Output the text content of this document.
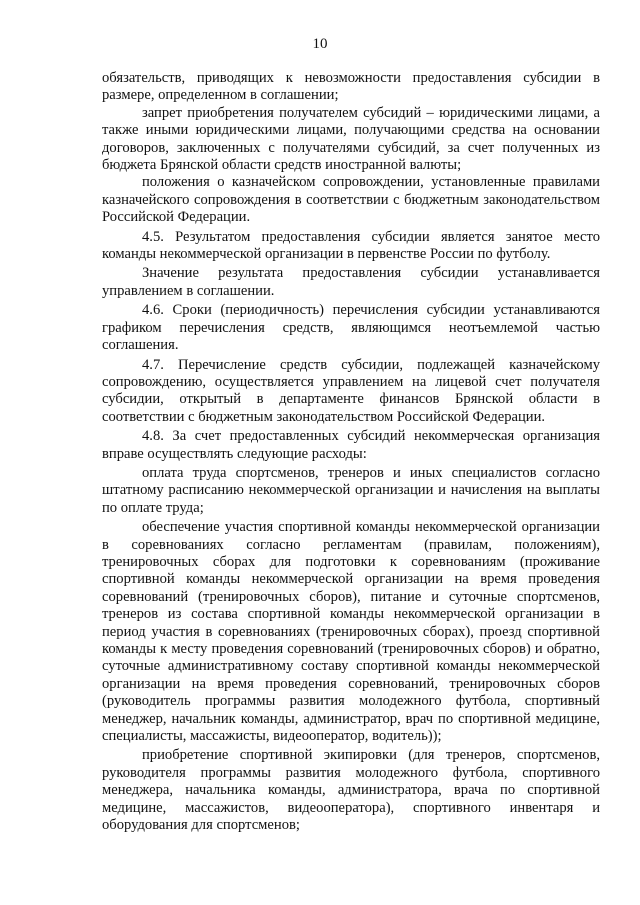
10

обязательств, приводящих к невозможности предоставления субсидии в размере, определенном в соглашении;

запрет приобретения получателем субсидий – юридическими лицами, а также иными юридическими лицами, получающими средства на основании договоров, заключенных с получателями субсидий, за счет полученных из бюджета Брянской области средств иностранной валюты;

положения о казначейском сопровождении, установленные правилами казначейского сопровождения в соответствии с бюджетным законодательством Российской Федерации.

4.5. Результатом предоставления субсидии является занятое место команды некоммерческой организации в первенстве России по футболу.

Значение результата предоставления субсидии устанавливается управлением в соглашении.

4.6. Сроки (периодичность) перечисления субсидии устанавливаются графиком перечисления средств, являющимся неотъемлемой частью соглашения.

4.7. Перечисление средств субсидии, подлежащей казначейскому сопровождению, осуществляется управлением на лицевой счет получателя субсидии, открытый в департаменте финансов Брянской области в соответствии с бюджетным законодательством Российской Федерации.

4.8. За счет предоставленных субсидий некоммерческая организация вправе осуществлять следующие расходы:

оплата труда спортсменов, тренеров и иных специалистов согласно штатному расписанию некоммерческой организации и начисления на выплаты по оплате труда;

обеспечение участия спортивной команды некоммерческой организации в соревнованиях согласно регламентам (правилам, положениям), тренировочных сборах для подготовки к соревнованиям (проживание спортивной команды некоммерческой организации на время проведения соревнований (тренировочных сборов), питание и суточные спортсменов, тренеров из состава спортивной команды некоммерческой организации в период участия в соревнованиях (тренировочных сборах), проезд спортивной команды к месту проведения соревнований (тренировочных сборов) и обратно, суточные административному составу спортивной команды некоммерческой организации на время проведения соревнований, тренировочных сборов (руководитель программы развития молодежного футбола, спортивный менеджер, начальник команды, администратор, врач по спортивной медицине, специалисты, массажисты, видеооператор, водитель));

приобретение спортивной экипировки (для тренеров, спортсменов, руководителя программы развития молодежного футбола, спортивного менеджера, начальника команды, администратора, врача по спортивной медицине, массажистов, видеооператора), спортивного инвентаря и оборудования для спортсменов;
